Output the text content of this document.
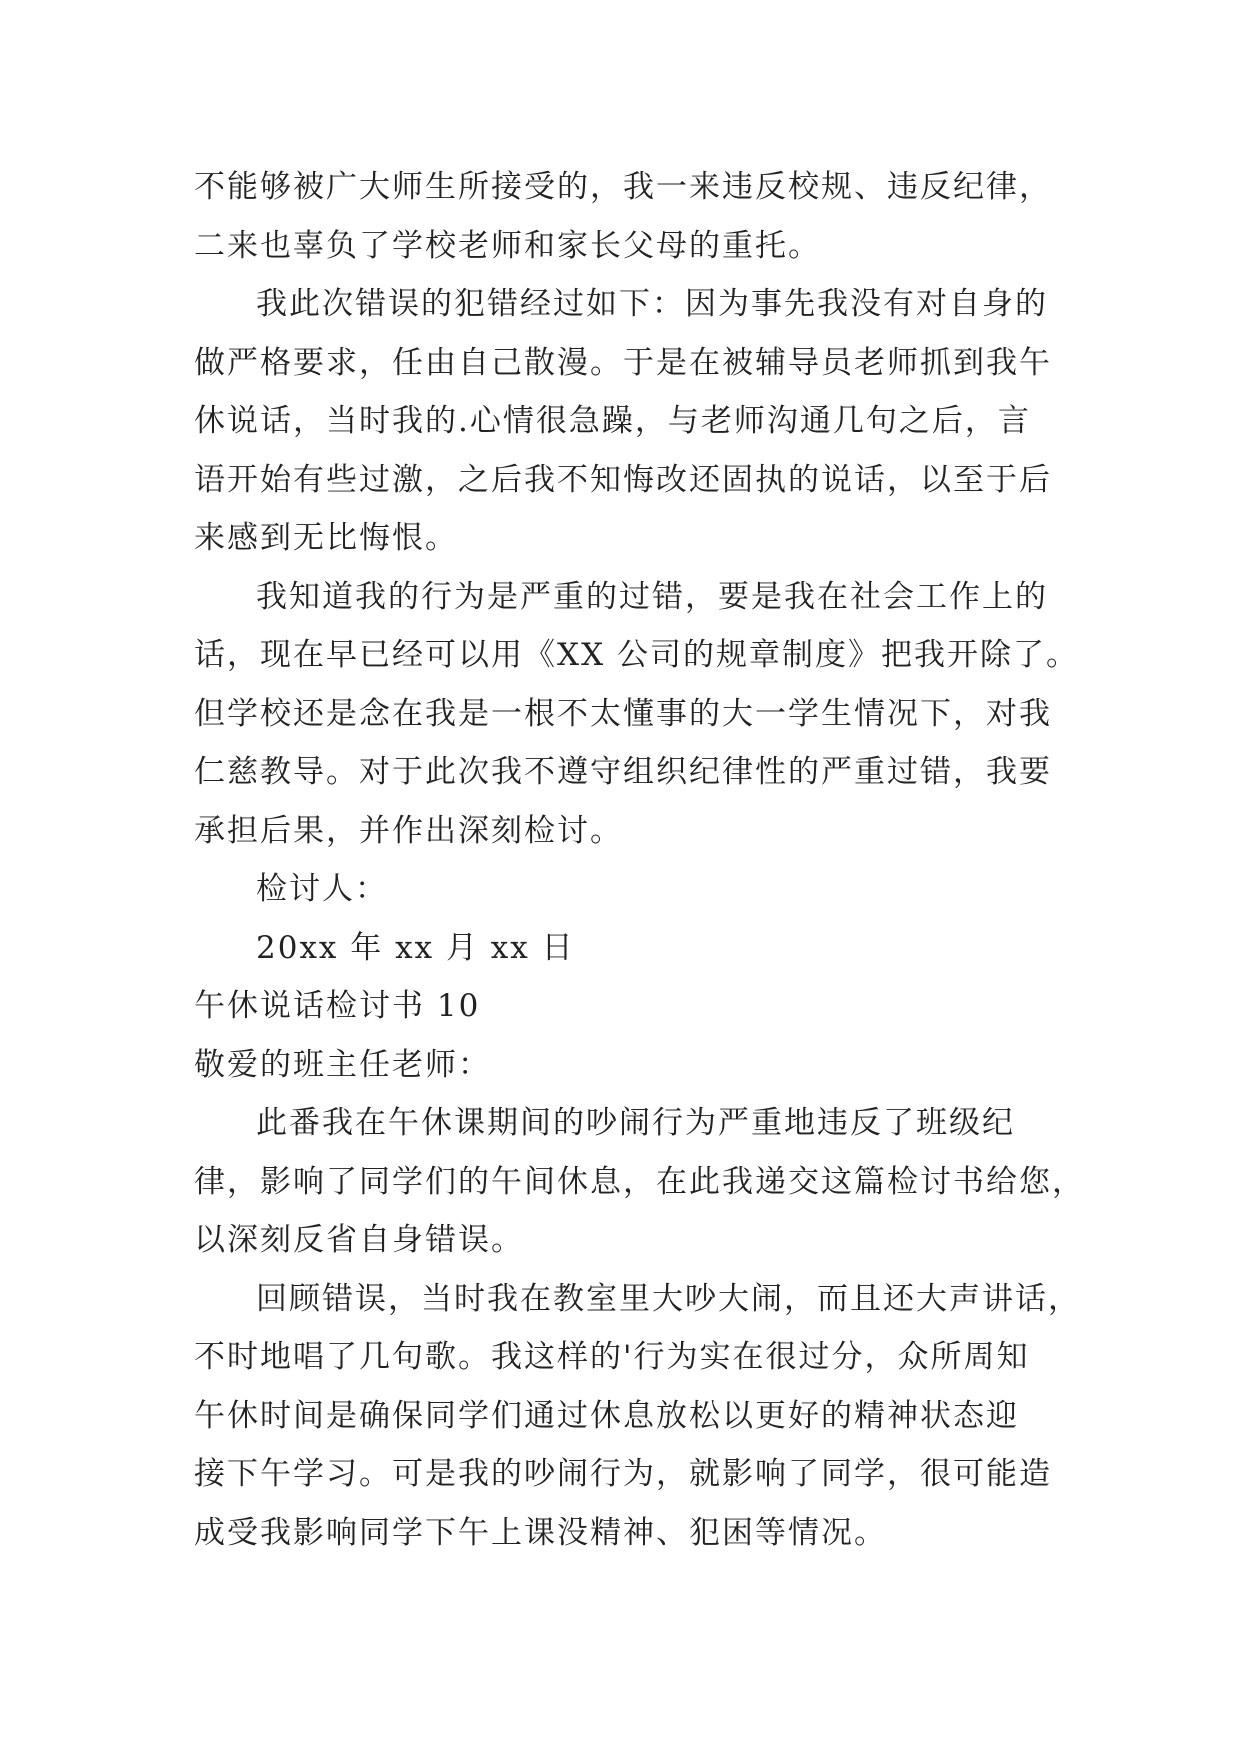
不能够被广大师生所接受的，我一来违反校规、违反纪律，

二来也辜负了学校老师和家长父母的重托。

我此次错误的犯错经过如下：因为事先我没有对自身的

做严格要求，任由自己散漫。于是在被辅导员老师抓到我午

休说话，当时我的.心情很急躁，与老师沟通几句之后，言

语开始有些过激，之后我不知悔改还固执的说话，以至于后

来感到无比悔恨。

我知道我的行为是严重的过错，要是我在社会工作上的

话，现在早已经可以用《XX 公司的规章制度》把我开除了。

但学校还是念在我是一根不太懂事的大一学生情况下，对我

仁慈教导。对于此次我不遵守组织纪律性的严重过错，我要

承担后果，并作出深刻检讨。

检讨人：

20xx 年 xx 月 xx 日

午休说话检讨书 10

敬爱的班主任老师：

此番我在午休课期间的吵闹行为严重地违反了班级纪

律，影响了同学们的午间休息，在此我递交这篇检讨书给您，

以深刻反省自身错误。

回顾错误，当时我在教室里大吵大闹，而且还大声讲话，

不时地唱了几句歌。我这样的'行为实在很过分，众所周知

午休时间是确保同学们通过休息放松以更好的精神状态迎

接下午学习。可是我的吵闹行为，就影响了同学，很可能造

成受我影响同学下午上课没精神、犯困等情况。
